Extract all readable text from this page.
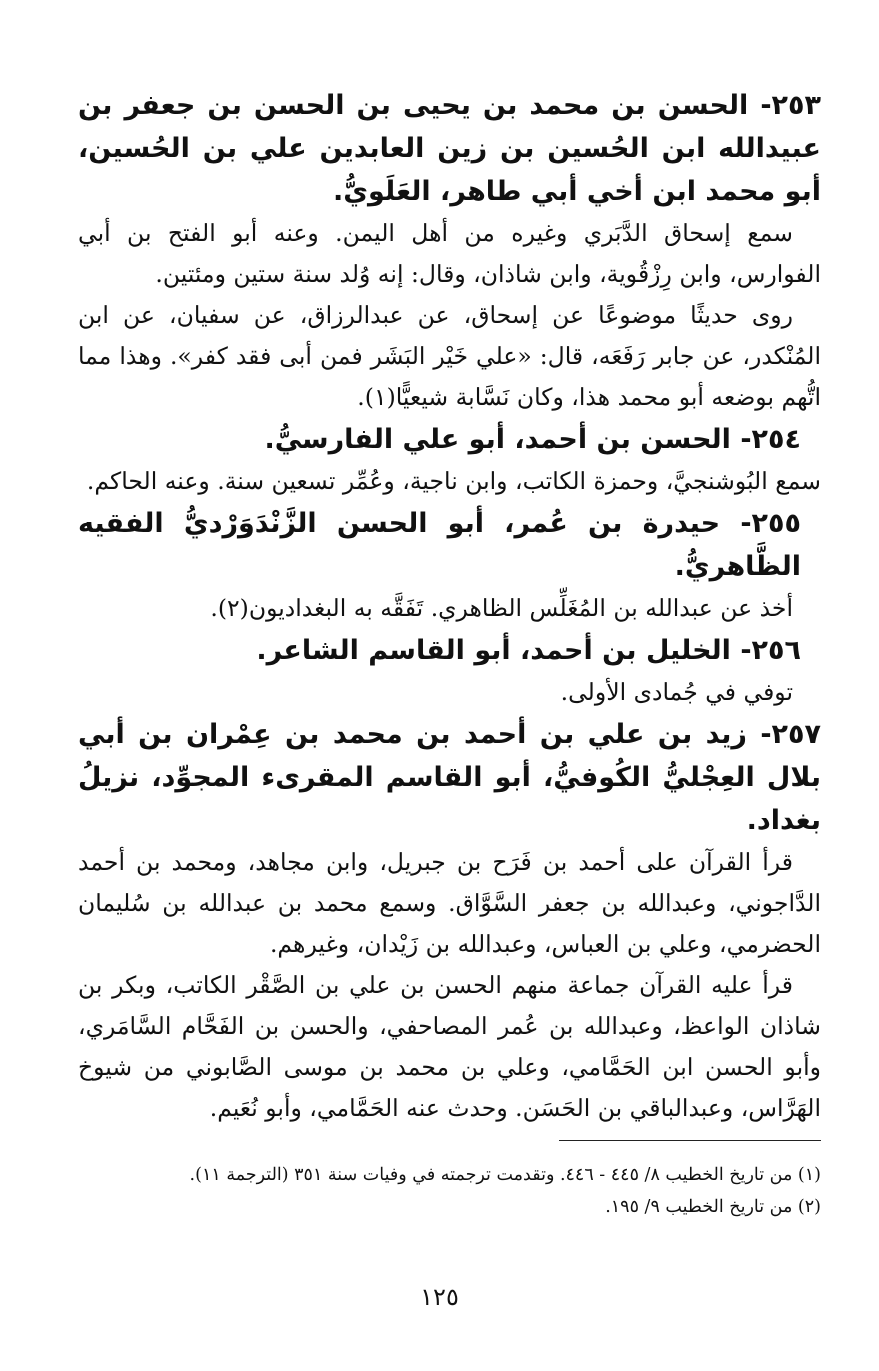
٢٥٣- الحسن بن محمد بن يحيى بن الحسن بن جعفر بن عبيدالله ابن الحُسين بن زين العابدين علي بن الحُسين، أبو محمد ابن أخي أبي طاهر، العَلَويُّ.

سمع إسحاق الدَّبَري وغيره من أهل اليمن. وعنه أبو الفتح بن أبي الفوارس، وابن رِزْقُوية، وابن شاذان، وقال: إنه وُلد سنة ستين ومئتين.

روى حديثًا موضوعًا عن إسحاق، عن عبدالرزاق، عن سفيان، عن ابن المُنْكدر، عن جابر رَفَعَه، قال: «علي خَيْر البَشَر فمن أبى فقد كفر». وهذا مما اتُّهم بوضعه أبو محمد هذا، وكان نَسَّابة شيعيًّا(١).

٢٥٤- الحسن بن أحمد، أبو علي الفارسيُّ.

سمع البُوشنجيَّ، وحمزة الكاتب، وابن ناجية، وعُمِّر تسعين سنة. وعنه الحاكم.

٢٥٥- حيدرة بن عُمر، أبو الحسن الزَّنْدَوَرْديُّ الفقيه الظَّاهريُّ.

أخذ عن عبدالله بن المُغَلِّس الظاهري. تَفَقَّه به البغداديون(٢).

٢٥٦- الخليل بن أحمد، أبو القاسم الشاعر.

توفي في جُمادى الأولى.

٢٥٧- زيد بن علي بن أحمد بن محمد بن عِمْران بن أبي بلال العِجْليُّ الكُوفيُّ، أبو القاسم المقرىء المجوِّد، نزيلُ بغداد.

قرأ القرآن على أحمد بن فَرَح بن جبريل، وابن مجاهد، ومحمد بن أحمد الدَّاجوني، وعبدالله بن جعفر السَّوَّاق. وسمع محمد بن عبدالله بن سُليمان الحضرمي، وعلي بن العباس، وعبدالله بن زَيْدان، وغيرهم.

قرأ عليه القرآن جماعة منهم الحسن بن علي بن الصَّقْر الكاتب، وبكر بن شاذان الواعظ، وعبدالله بن عُمر المصاحفي، والحسن بن الفَحَّام السَّامَري، وأبو الحسن ابن الحَمَّامي، وعلي بن محمد بن موسى الصَّابوني من شيوخ الهَرَّاس، وعبدالباقي بن الحَسَن. وحدث عنه الحَمَّامي، وأبو نُعَيم.

(١) من تاريخ الخطيب ٨/ ٤٤٥ - ٤٤٦. وتقدمت ترجمته في وفيات سنة ٣٥١ (الترجمة ١١).

(٢) من تاريخ الخطيب ٩/ ١٩٥.

١٢٥
